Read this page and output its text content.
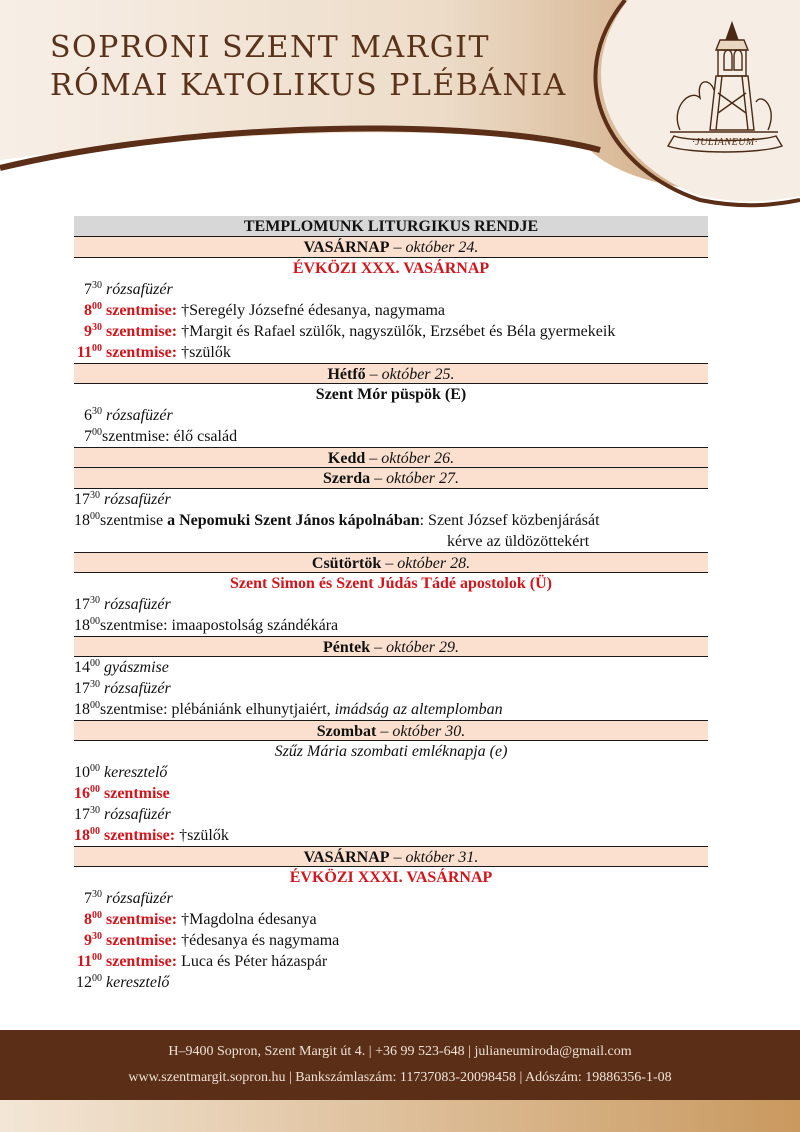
SOPRONI SZENT MARGIT
RÓMAI KATOLIKUS PLÉBÁNIA
·JULIANEUM·
TEMPLOMUNK LITURGIKUS RENDJE
VASÁRNAP – október 24.
ÉVKÖZI XXX. VASÁRNAP
$7^{30}$ rózsafüzér
$8^{00}$ szentmise: †Seregély Józsefné édesanya, nagymama
$9^{30}$ szentmise: †Margit és Rafael szülők, nagyszülők, Erzsébet és Béla gyermekeik
$11^{00}$ szentmise: †szülők
Hétfő – október 25.
Szent Mór püspök (E)
$6^{30}$ rózsafüzér
$7^{00}szentmise$: élő család
Kedd – október 26.
Szerda – október 27.
$17^{30}$ rózsafüzér
$18^{00}szentmise$ a Nepomuki Szent János kápolnában: Szent József közbenjárását
kérve az üldözöttekért
Csütörtök – október 28.
Szent Simon és Szent Júdás Tádé apostolok (Ü)
$17^{30}$ rózsafüzér
$18^{00}szentmise$: imaapostolság szándékára
Péntek – október 29.
$14^{00}$ gyászmise
$17^{30}$ rózsafüzér
$18^{00}szentmise$: plébániánk elhunytjaiért, imádság az altemplomban
Szombat – október 30.
Szűz Mária szombati emléknapja (e)
$10^{00}$ keresztelő
$16^{00}$ szentmise
$17^{30}$ rózsafüzér
$18^{00}$ szentmise: †szülők
VASÁRNAP – október 31.
ÉVKÖZI XXXI. VASÁRNAP
$7^{30}$ rózsafüzér
$8^{00}$ szentmise: †Magdolna édesanya
$9^{30}$ szentmise: †édesanya és nagymama
$11^{00}$ szentmise: Luca és Péter házaspár
$12^{00}$ keresztelő
H–9400 Sopron, Szent Margit út 4. | +36 99 523-648 | julianeumiroda@gmail.com
www.szentmargit.sopron.hu | Bankszámlaszám: 11737083-20098458 | Adószám: 19886356-1-08
